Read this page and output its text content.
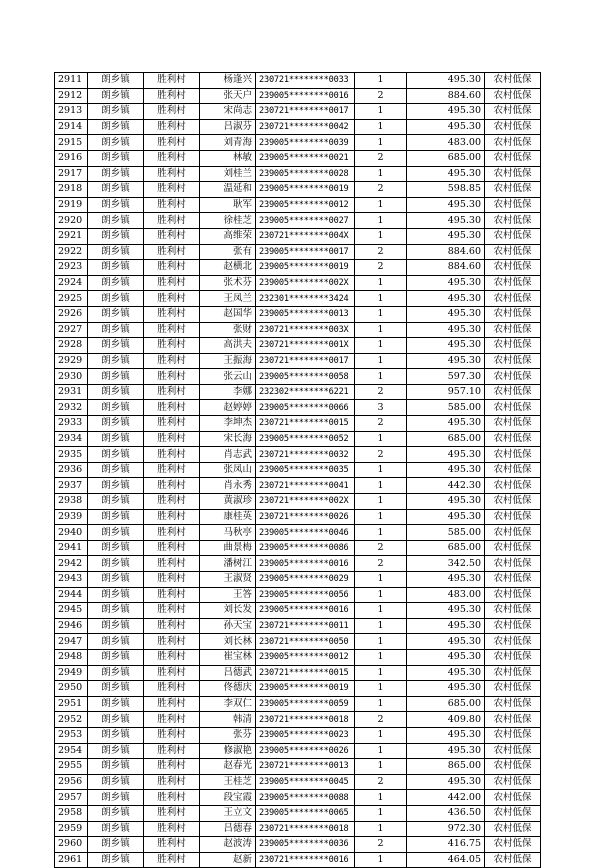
2911	朗乡镇	胜利村	杨逢兴	230721********0033	1	495.30	农村低保
2912	朗乡镇	胜利村	张天户	239005********0016	2	884.60	农村低保
2913	朗乡镇	胜利村	宋尚志	230721********0017	1	495.30	农村低保
2914	朗乡镇	胜利村	吕淑芬	230721********0042	1	495.30	农村低保
2915	朗乡镇	胜利村	刘青海	239005********0039	1	483.00	农村低保
2916	朗乡镇	胜利村	林敏	239005********0021	2	685.00	农村低保
2917	朗乡镇	胜利村	刘桂兰	239005********0028	1	495.30	农村低保
2918	朗乡镇	胜利村	温延和	239005********0019	2	598.85	农村低保
2919	朗乡镇	胜利村	耿军	239005********0012	1	495.30	农村低保
2920	朗乡镇	胜利村	徐桂芝	239005********0027	1	495.30	农村低保
2921	朗乡镇	胜利村	高维荣	230721********004X	1	495.30	农村低保
2922	朗乡镇	胜利村	张有	239005********0017	2	884.60	农村低保
2923	朗乡镇	胜利村	赵横北	239005********0019	2	884.60	农村低保
2924	朗乡镇	胜利村	张术芬	239005********002X	1	495.30	农村低保
2925	朗乡镇	胜利村	王凤兰	232301********3424	1	495.30	农村低保
2926	朗乡镇	胜利村	赵国华	239005********0013	1	495.30	农村低保
2927	朗乡镇	胜利村	张财	230721********003X	1	495.30	农村低保
2928	朗乡镇	胜利村	高洪夫	230721********001X	1	495.30	农村低保
2929	朗乡镇	胜利村	王振海	230721********0017	1	495.30	农村低保
2930	朗乡镇	胜利村	张云山	239005********0058	1	597.30	农村低保
2931	朗乡镇	胜利村	李娜	232302********6221	2	957.10	农村低保
2932	朗乡镇	胜利村	赵婷婷	239005********0066	3	585.00	农村低保
2933	朗乡镇	胜利村	李坤杰	230721********0015	2	495.30	农村低保
2934	朗乡镇	胜利村	宋长海	239005********0052	1	685.00	农村低保
2935	朗乡镇	胜利村	肖志武	230721********0032	2	495.30	农村低保
2936	朗乡镇	胜利村	张凤山	239005********0035	1	495.30	农村低保
2937	朗乡镇	胜利村	肖永秀	230721********0041	1	442.30	农村低保
2938	朗乡镇	胜利村	黄淑珍	230721********002X	1	495.30	农村低保
2939	朗乡镇	胜利村	康桂英	230721********0026	1	495.30	农村低保
2940	朗乡镇	胜利村	马秋亭	239005********0046	1	585.00	农村低保
2941	朗乡镇	胜利村	曲景梅	239005********0086	2	685.00	农村低保
2942	朗乡镇	胜利村	潘树江	239005********0016	2	342.50	农村低保
2943	朗乡镇	胜利村	王淑贤	239005********0029	1	495.30	农村低保
2944	朗乡镇	胜利村	王答	239005********0056	1	483.00	农村低保
2945	朗乡镇	胜利村	刘长发	239005********0016	1	495.30	农村低保
2946	朗乡镇	胜利村	孙天宝	230721********0011	1	495.30	农村低保
2947	朗乡镇	胜利村	刘长林	230721********0050	1	495.30	农村低保
2948	朗乡镇	胜利村	崔宝林	239005********0012	1	495.30	农村低保
2949	朗乡镇	胜利村	吕德武	230721********0015	1	495.30	农村低保
2950	朗乡镇	胜利村	佟德庆	239005********0019	1	495.30	农村低保
2951	朗乡镇	胜利村	李双仁	239005********0059	1	685.00	农村低保
2952	朗乡镇	胜利村	韩清	230721********0018	2	409.80	农村低保
2953	朗乡镇	胜利村	张芬	239005********0023	1	495.30	农村低保
2954	朗乡镇	胜利村	修淑艳	239005********0026	1	495.30	农村低保
2955	朗乡镇	胜利村	赵春光	230721********0013	1	865.00	农村低保
2956	朗乡镇	胜利村	王桂芝	239005********0045	2	495.30	农村低保
2957	朗乡镇	胜利村	段宝霞	239005********0088	1	442.00	农村低保
2958	朗乡镇	胜利村	王立文	239005********0065	1	436.50	农村低保
2959	朗乡镇	胜利村	吕德春	230721********0018	1	972.30	农村低保
2960	朗乡镇	胜利村	赵波涛	239005********0036	2	416.75	农村低保
2961	朗乡镇	胜利村	赵新	230721********0016	1	464.05	农村低保
